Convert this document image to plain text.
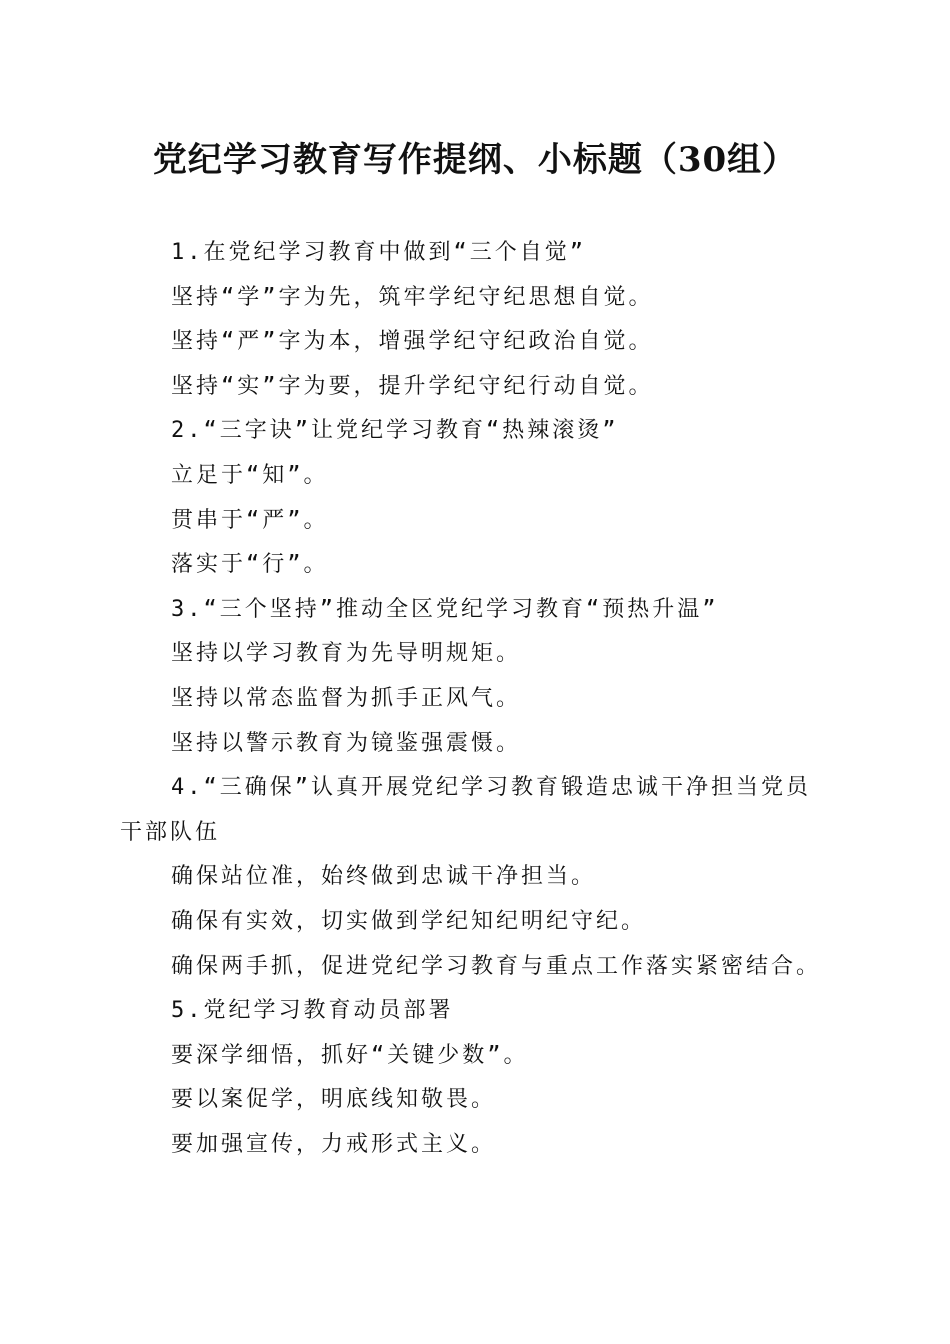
党纪学习教育写作提纲、小标题（30组）

1.在党纪学习教育中做到“三个自觉”

坚持“学”字为先，筑牢学纪守纪思想自觉。

坚持“严”字为本，增强学纪守纪政治自觉。

坚持“实”字为要，提升学纪守纪行动自觉。

2.“三字诀”让党纪学习教育“热辣滚烫”

立足于“知”。

贯串于“严”。

落实于“行”。

3.“三个坚持”推动全区党纪学习教育“预热升温”

坚持以学习教育为先导明规矩。

坚持以常态监督为抓手正风气。

坚持以警示教育为镜鉴强震慑。

4.“三确保”认真开展党纪学习教育锻造忠诚干净担当党员干部队伍

确保站位准，始终做到忠诚干净担当。

确保有实效，切实做到学纪知纪明纪守纪。

确保两手抓，促进党纪学习教育与重点工作落实紧密结合。

5.党纪学习教育动员部署

要深学细悟，抓好“关键少数”。

要以案促学，明底线知敬畏。

要加强宣传，力戒形式主义。
